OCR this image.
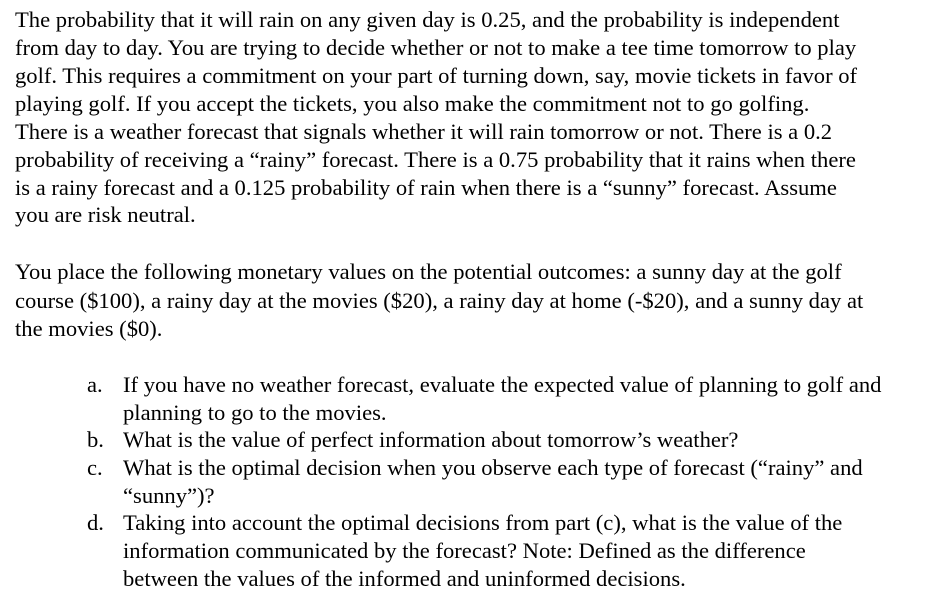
The probability that it will rain on any given day is 0.25, and the probability is independent
from day to day. You are trying to decide whether or not to make a tee time tomorrow to play
golf. This requires a commitment on your part of turning down, say, movie tickets in favor of
playing golf. If you accept the tickets, you also make the commitment not to go golfing.
There is a weather forecast that signals whether it will rain tomorrow or not. There is a 0.2
probability of receiving a “rainy” forecast. There is a 0.75 probability that it rains when there
is a rainy forecast and a 0.125 probability of rain when there is a “sunny” forecast. Assume
you are risk neutral.
You place the following monetary values on the potential outcomes: a sunny day at the golf
course ($100), a rainy day at the movies ($20), a rainy day at home (-$20), and a sunny day at
the movies ($0).
a. If you have no weather forecast, evaluate the expected value of planning to golf and
planning to go to the movies.
b. What is the value of perfect information about tomorrow’s weather?
c. What is the optimal decision when you observe each type of forecast (“rainy” and
“sunny”)?
d. Taking into account the optimal decisions from part (c), what is the value of the
information communicated by the forecast? Note: Defined as the difference
between the values of the informed and uninformed decisions.
